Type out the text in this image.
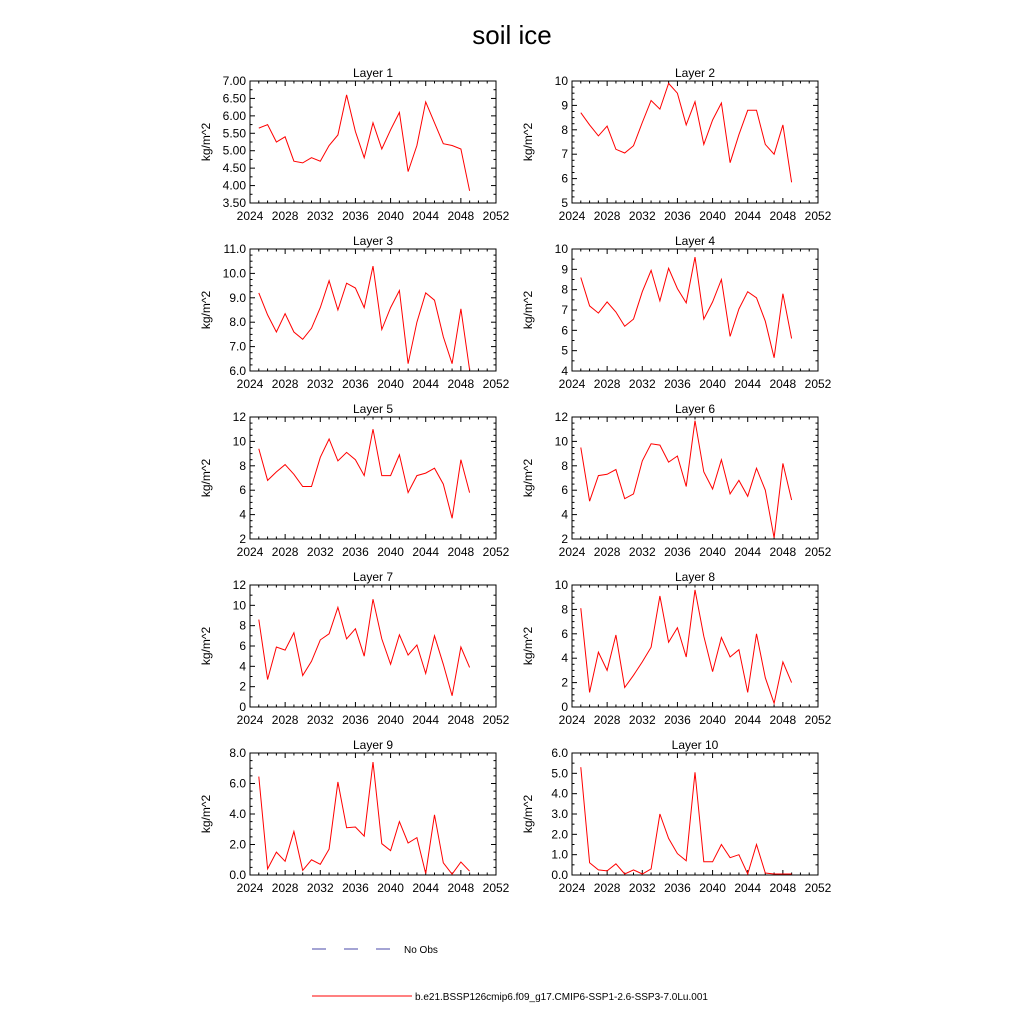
soil ice
Layer 1
2024 2028 2032 2036 2040 2044 2048 2052
3.50
4.00
4.50
5.00
5.50
6.00
6.50
7.00
kg/m^2
Layer 2
2024 2028 2032 2036 2040 2044 2048 2052
5
6
7
8
9
10
kg/m^2
Layer 3
2024 2028 2032 2036 2040 2044 2048 2052
6.0
7.0
8.0
9.0
10.0
11.0
kg/m^2
Layer 4
2024 2028 2032 2036 2040 2044 2048 2052
4
5
6
7
8
9
10
kg/m^2
Layer 5
2024 2028 2032 2036 2040 2044 2048 2052
2
4
6
8
10
12
kg/m^2
Layer 6
2024 2028 2032 2036 2040 2044 2048 2052
2
4
6
8
10
12
kg/m^2
Layer 7
2024 2028 2032 2036 2040 2044 2048 2052
0
2
4
6
8
10
12
kg/m^2
Layer 8
2024 2028 2032 2036 2040 2044 2048 2052
0
2
4
6
8
10
kg/m^2
Layer 9
2024 2028 2032 2036 2040 2044 2048 2052
0.0
2.0
4.0
6.0
8.0
kg/m^2
Layer 10
2024 2028 2032 2036 2040 2044 2048 2052
0.0
1.0
2.0
3.0
4.0
5.0
6.0
kg/m^2
No Obs
b.e21.BSSP126cmip6.f09_g17.CMIP6-SSP1-2.6-SSP3-7.0Lu.001
